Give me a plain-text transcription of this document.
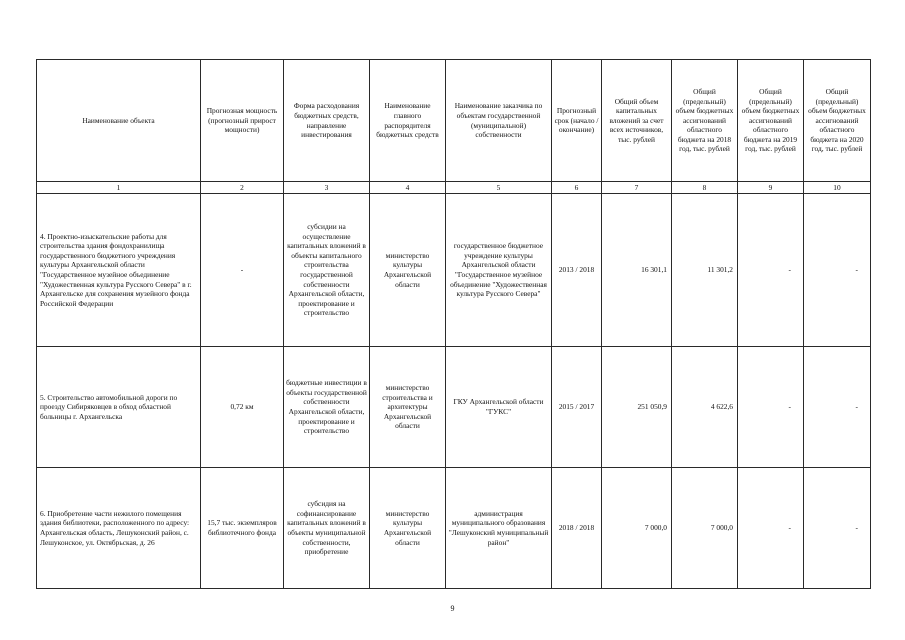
Наименование объекта	Прогнозная мощность (прогнозный прирост мощности)	Форма расходования бюджетных средств, направление инвестирования	Наименование главного распорядителя бюджетных средств	Наименование заказчика по объектам государственной (муниципальной) собственности	Прогнозный срок (начало / окончание)	Общий объем капитальных вложений за счет всех источников, тыс. рублей	Общий (предельный) объем бюджетных ассигнований областного бюджета на 2018 год, тыс. рублей	Общий (предельный) объем бюджетных ассигнований областного бюджета на 2019 год, тыс. рублей	Общий (предельный) объем бюджетных ассигнований областного бюджета на 2020 год, тыс. рублей
1	2	3	4	5	6	7	8	9	10
4. Проектно-изыскательские работы для строительства здания фондохранилища государственного бюджетного учреждения культуры Архангельской области "Государственное музейное объединение "Художественная культура Русского Севера" в г. Архангельске для сохранения музейного фонда Российской Федерации	-	субсидии на осуществление капитальных вложений в объекты капитального строительства государственной собственности Архангельской области, проектирование и строительство	министерство культуры Архангельской области	государственное бюджетное учреждение культуры Архангельской области "Государственное музейное объединение "Художественная культура Русского Севера"	2013 / 2018	16 301,1	11 301,2	-	-
5. Строительство автомобильной дороги по проезду Сибиряковцев в обход областной больницы г. Архангельска	0,72 км	бюджетные инвестиции в объекты государственной собственности Архангельской области, проектирование и строительство	министерство строительства и архитектуры Архангельской области	ГКУ Архангельской области "ГУКС"	2015 / 2017	251 050,9	4 622,6	-	-
6. Приобретение части нежилого помещения здания библиотеки, расположенного по адресу: Архангельская область, Лешуконский район, с. Лешуконское, ул. Октябрьская, д. 26	15,7 тыс. экземпляров библиотечного фонда	субсидия на софинансирование капитальных вложений в объекты муниципальной собственности, приобретение	министерство культуры Архангельской области	администрация муниципального образования "Лешуконский муниципальный район"	2018 / 2018	7 000,0	7 000,0	-	-
9
